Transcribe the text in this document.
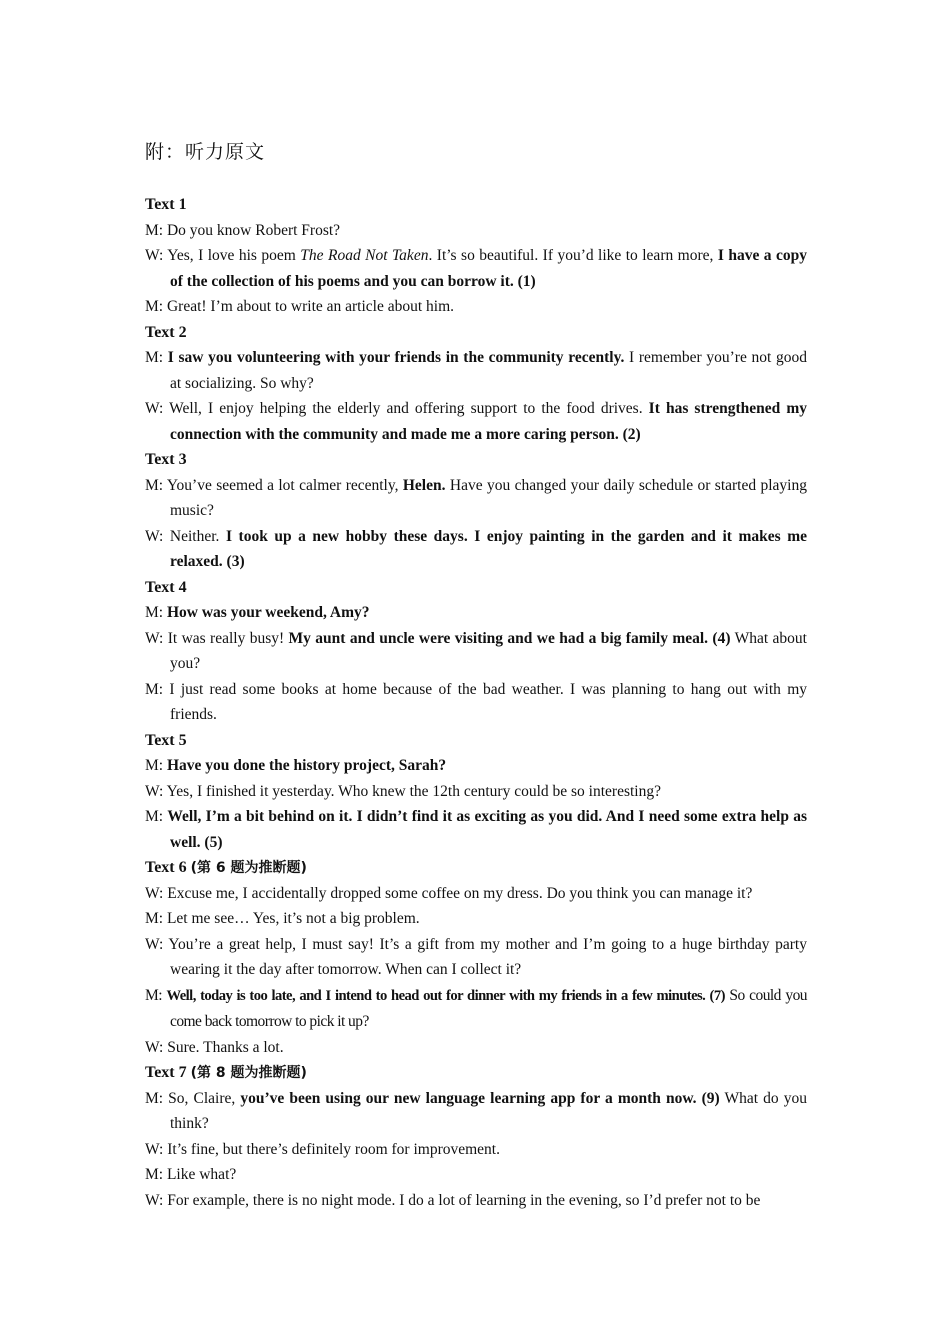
附：听力原文
Text 1
M: Do you know Robert Frost?
W: Yes, I love his poem The Road Not Taken. It’s so beautiful. If you’d like to learn more, I have a copy of the collection of his poems and you can borrow it. (1)
M: Great! I’m about to write an article about him.
Text 2
M: I saw you volunteering with your friends in the community recently. I remember you’re not good at socializing. So why?
W: Well, I enjoy helping the elderly and offering support to the food drives. It has strengthened my connection with the community and made me a more caring person. (2)
Text 3
M: You’ve seemed a lot calmer recently, Helen. Have you changed your daily schedule or started playing music?
W: Neither. I took up a new hobby these days. I enjoy painting in the garden and it makes me relaxed. (3)
Text 4
M: How was your weekend, Amy?
W: It was really busy! My aunt and uncle were visiting and we had a big family meal. (4) What about you?
M: I just read some books at home because of the bad weather. I was planning to hang out with my friends.
Text 5
M: Have you done the history project, Sarah?
W: Yes, I finished it yesterday. Who knew the 12th century could be so interesting?
M: Well, I’m a bit behind on it. I didn’t find it as exciting as you did. And I need some extra help as well. (5)
Text 6 (第 6 题为推断题)
W: Excuse me, I accidentally dropped some coffee on my dress. Do you think you can manage it?
M: Let me see… Yes, it’s not a big problem.
W: You’re a great help, I must say! It’s a gift from my mother and I’m going to a huge birthday party wearing it the day after tomorrow. When can I collect it?
M: Well, today is too late, and I intend to head out for dinner with my friends in a few minutes. (7) So could you come back tomorrow to pick it up?
W: Sure. Thanks a lot.
Text 7 (第 8 题为推断题)
M: So, Claire, you’ve been using our new language learning app for a month now. (9) What do you think?
W: It’s fine, but there’s definitely room for improvement.
M: Like what?
W: For example, there is no night mode. I do a lot of learning in the evening, so I’d prefer not to be
